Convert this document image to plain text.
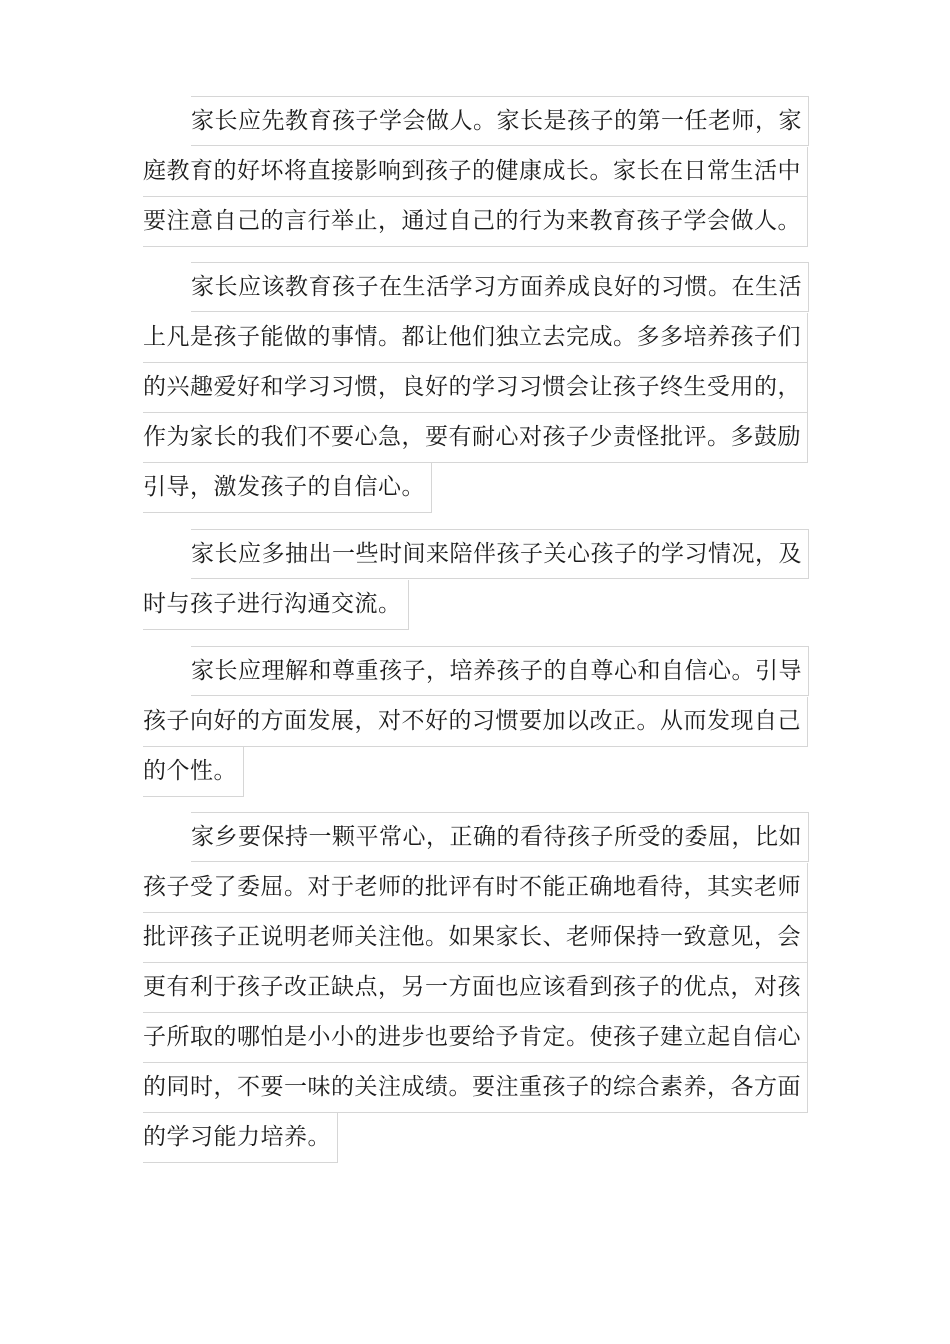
家长应先教育孩子学会做人。家长是孩子的第一任老师，家
庭教育的好坏将直接影响到孩子的健康成长。家长在日常生活中
要注意自己的言行举止，通过自己的行为来教育孩子学会做人。
家长应该教育孩子在生活学习方面养成良好的习惯。在生活
上凡是孩子能做的事情。都让他们独立去完成。多多培养孩子们
的兴趣爱好和学习习惯，良好的学习习惯会让孩子终生受用的，
作为家长的我们不要心急，要有耐心对孩子少责怪批评。多鼓励
引导，激发孩子的自信心。
家长应多抽出一些时间来陪伴孩子关心孩子的学习情况，及
时与孩子进行沟通交流。
家长应理解和尊重孩子，培养孩子的自尊心和自信心。引导
孩子向好的方面发展，对不好的习惯要加以改正。从而发现自己
的个性。
家乡要保持一颗平常心，正确的看待孩子所受的委屈，比如
孩子受了委屈。对于老师的批评有时不能正确地看待，其实老师
批评孩子正说明老师关注他。如果家长、老师保持一致意见，会
更有利于孩子改正缺点，另一方面也应该看到孩子的优点，对孩
子所取的哪怕是小小的进步也要给予肯定。使孩子建立起自信心
的同时，不要一味的关注成绩。要注重孩子的综合素养，各方面
的学习能力培养。
